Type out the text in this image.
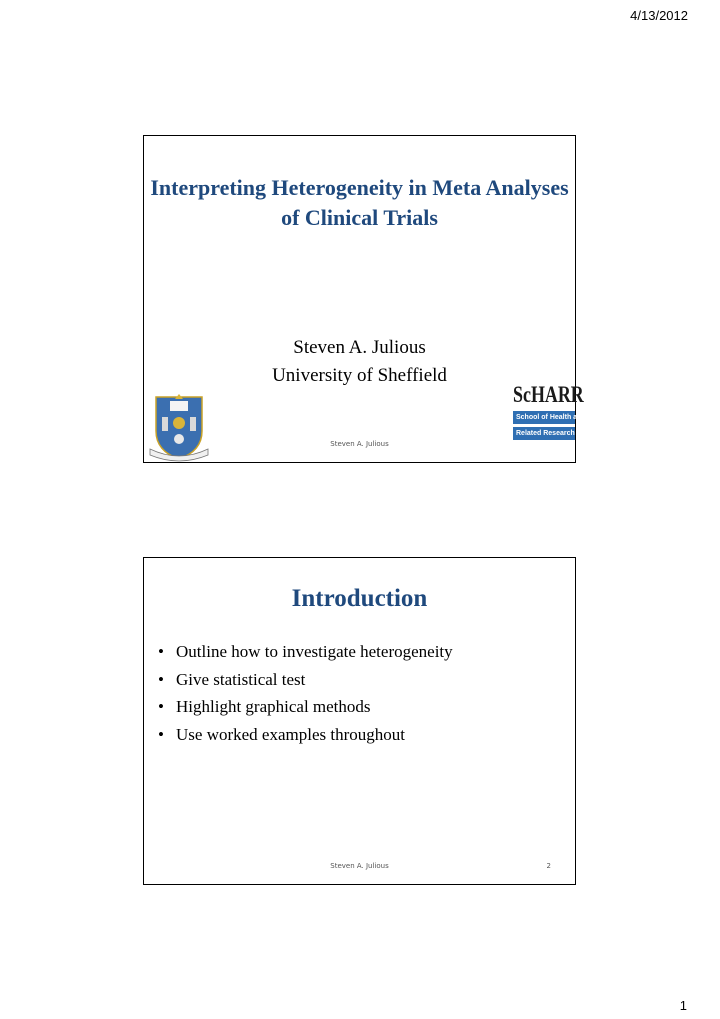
4/13/2012
Interpreting Heterogeneity in Meta Analyses of Clinical Trials
Steven A. Julious
University of Sheffield
ScHARR
School of Health and
Related Research
Steven A. Julious
Introduction
• Outline how to investigate heterogeneity
• Give statistical test
• Highlight graphical methods
• Use worked examples throughout
Steven A. Julious	2
1
